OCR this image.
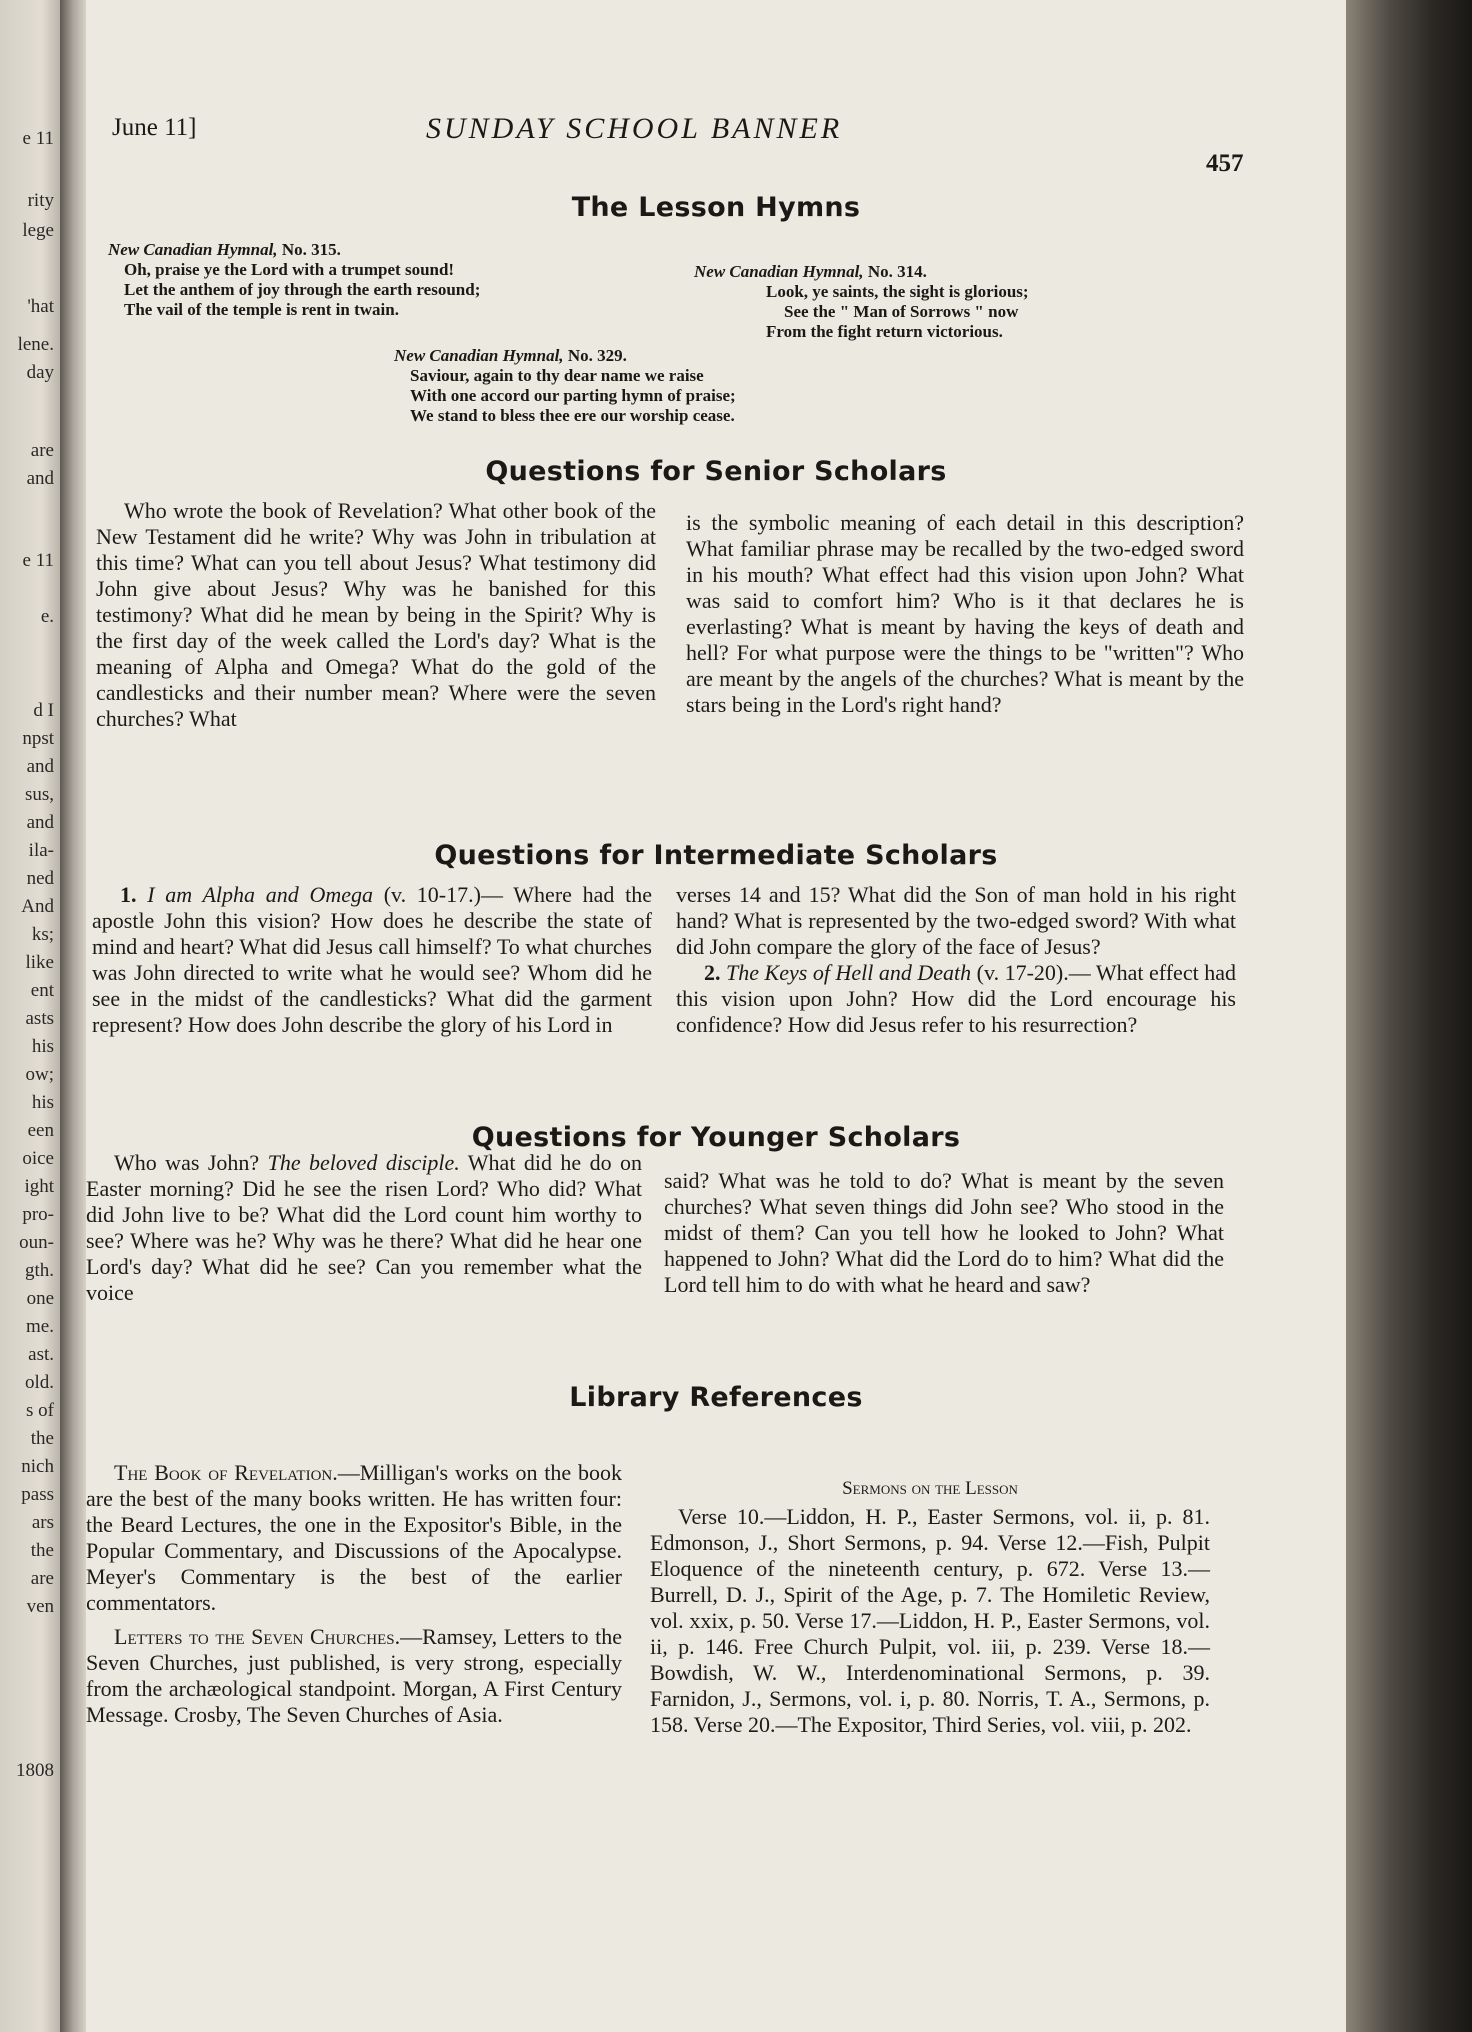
e 11
rity
lege
'hat
lene.
day
are
and
e 11
e.
d I
npst
and
sus,
and
ila-
ned
And
ks;
like
ent
asts
his
ow;
his
een
oice
ight
pro-
oun-
gth.
one
me.
ast.
old.
s of
the
nich
pass
ars
the
are
ven
1808
June 11]	SUNDAY SCHOOL BANNER
457
The Lesson Hymns
New Canadian Hymnal, No. 315.
Oh, praise ye the Lord with a trumpet sound!
Let the anthem of joy through the earth resound;
The vail of the temple is rent in twain.
New Canadian Hymnal, No. 314.
Look, ye saints, the sight is glorious;
See the " Man of Sorrows " now
From the fight return victorious.
New Canadian Hymnal, No. 329.
Saviour, again to thy dear name we raise
With one accord our parting hymn of praise;
We stand to bless thee ere our worship cease.
Questions for Senior Scholars

Who wrote the book of Revelation? What other book of the New Testament did he write? Why was John in tribulation at this time? What can you tell about Jesus? What testimony did John give about Jesus? Why was he banished for this testimony? What did he mean by being in the Spirit? Why is the first day of the week called the Lord's day? What is the meaning of Alpha and Omega? What do the gold of the candlesticks and their number mean? Where were the seven churches? What

is the symbolic meaning of each detail in this description? What familiar phrase may be recalled by the two-edged sword in his mouth? What effect had this vision upon John? What was said to comfort him? Who is it that declares he is everlasting? What is meant by having the keys of death and hell? For what purpose were the things to be "written"? Who are meant by the angels of the churches? What is meant by the stars being in the Lord's right hand?

Questions for Intermediate Scholars

1. I am Alpha and Omega (v. 10-17.)— Where had the apostle John this vision? How does he describe the state of mind and heart? What did Jesus call himself? To what churches was John directed to write what he would see? Whom did he see in the midst of the candlesticks? What did the garment represent? How does John describe the glory of his Lord in

verses 14 and 15? What did the Son of man hold in his right hand? What is represented by the two-edged sword? With what did John compare the glory of the face of Jesus?

2. The Keys of Hell and Death (v. 17-20).— What effect had this vision upon John? How did the Lord encourage his confidence? How did Jesus refer to his resurrection?

Questions for Younger Scholars

Who was John? The beloved disciple. What did he do on Easter morning? Did he see the risen Lord? Who did? What did John live to be? What did the Lord count him worthy to see? Where was he? Why was he there? What did he hear one Lord's day? What did he see? Can you remember what the voice

said? What was he told to do? What is meant by the seven churches? What seven things did John see? Who stood in the midst of them? Can you tell how he looked to John? What happened to John? What did the Lord do to him? What did the Lord tell him to do with what he heard and saw?

Library References

The Book of Revelation.—Milligan's works on the book are the best of the many books written. He has written four: the Beard Lectures, the one in the Expositor's Bible, in the Popular Commentary, and Discussions of the Apocalypse. Meyer's Commentary is the best of the earlier commentators.

Letters to the Seven Churches.—Ramsey, Letters to the Seven Churches, just published, is very strong, especially from the archæological standpoint. Morgan, A First Century Message. Crosby, The Seven Churches of Asia.

Sermons on the Lesson

Verse 10.—Liddon, H. P., Easter Sermons, vol. ii, p. 81. Edmonson, J., Short Sermons, p. 94. Verse 12.—Fish, Pulpit Eloquence of the nineteenth century, p. 672. Verse 13.—Burrell, D. J., Spirit of the Age, p. 7. The Homiletic Review, vol. xxix, p. 50. Verse 17.—Liddon, H. P., Easter Sermons, vol. ii, p. 146. Free Church Pulpit, vol. iii, p. 239. Verse 18.—Bowdish, W. W., Interdenominational Sermons, p. 39. Farnidon, J., Sermons, vol. i, p. 80. Norris, T. A., Sermons, p. 158. Verse 20.—The Expositor, Third Series, vol. viii, p. 202.
